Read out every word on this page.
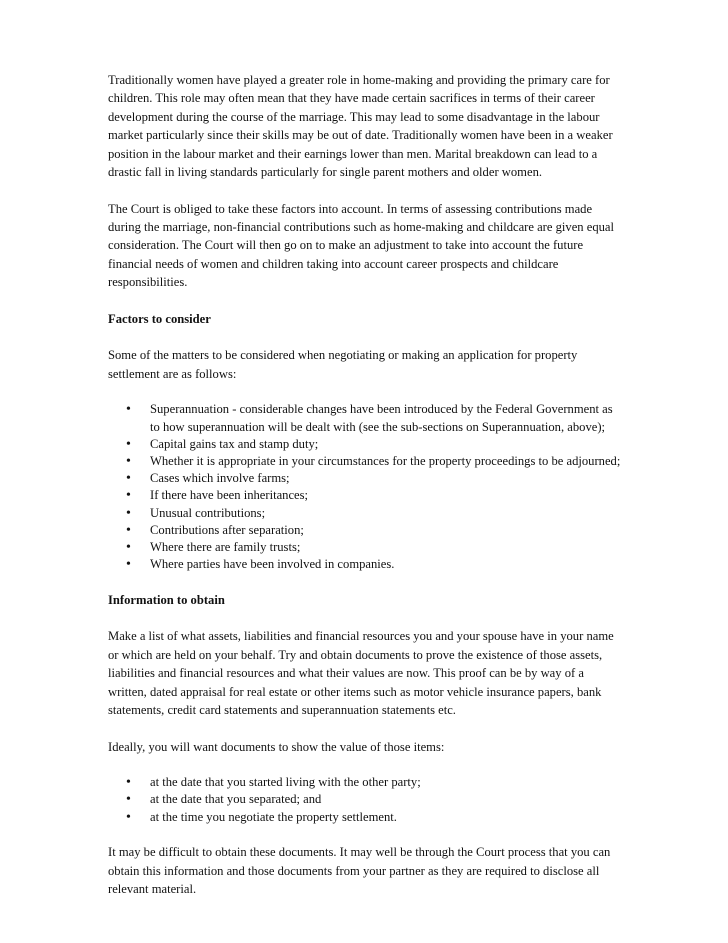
Traditionally women have played a greater role in home-making and providing the primary care for children. This role may often mean that they have made certain sacrifices in terms of their career development during the course of the marriage. This may lead to some disadvantage in the labour market particularly since their skills may be out of date. Traditionally women have been in a weaker position in the labour market and their earnings lower than men. Marital breakdown can lead to a drastic fall in living standards particularly for single parent mothers and older women.

The Court is obliged to take these factors into account. In terms of assessing contributions made during the marriage, non-financial contributions such as home-making and childcare are given equal consideration. The Court will then go on to make an adjustment to take into account the future financial needs of women and children taking into account career prospects and childcare responsibilities.

Factors to consider

Some of the matters to be considered when negotiating or making an application for property settlement are as follows:

• Superannuation - considerable changes have been introduced by the Federal Government as to how superannuation will be dealt with (see the sub-sections on Superannuation, above);
• Capital gains tax and stamp duty;
• Whether it is appropriate in your circumstances for the property proceedings to be adjourned;
• Cases which involve farms;
• If there have been inheritances;
• Unusual contributions;
• Contributions after separation;
• Where there are family trusts;
• Where parties have been involved in companies.
Information to obtain

Make a list of what assets, liabilities and financial resources you and your spouse have in your name or which are held on your behalf. Try and obtain documents to prove the existence of those assets, liabilities and financial resources and what their values are now. This proof can be by way of a written, dated appraisal for real estate or other items such as motor vehicle insurance papers, bank statements, credit card statements and superannuation statements etc.

Ideally, you will want documents to show the value of those items:

• at the date that you started living with the other party;
• at the date that you separated; and
• at the time you negotiate the property settlement.

It may be difficult to obtain these documents. It may well be through the Court process that you can obtain this information and those documents from your partner as they are required to disclose all relevant material.
